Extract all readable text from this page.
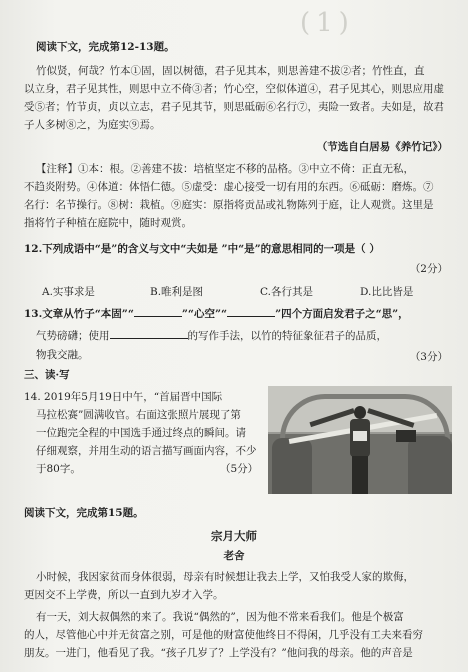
(1)
阅读下文，完成第12-13题。
竹似贤，何哉？竹本①固，固以树德，君子见其本，则思善建不拔②者；竹性直，直
以立身，君子见其性，则思中立不倚③者；竹心空，空似体道④，君子见其心，则思应用虚
受⑤者；竹节贞，贞以立志，君子见其节，则思砥砺⑥名行⑦，夷险一致者。夫如是，故君
子人多树⑧之，为庭实⑨焉。
（节选自白居易《养竹记》）
【注释】①本：根。②善建不拔：培植坚定不移的品格。③中立不倚：正直无私，
不趋炎附势。④体道：体悟仁德。⑤虚受：虚心接受一切有用的东西。⑥砥砺：磨炼。⑦
名行：名节操行。⑧树：栽植。⑨庭实：原指将贡品或礼物陈列于庭，让人观赏。这里是
指将竹子种植在庭院中，随时观赏。
12.下列成语中“是”的含义与文中“夫如是 ”中“是”的意思相同的一项是（ ）
（2分）
A.实事求是	B.唯利是图	C.各行其是	D.比比皆是
13.文章从竹子“本固”“	”“心空”“	”四个方面启发君子之“思”，
气势磅礴；使用	的写作手法，以竹的特征象征君子的品质，
物我交融。	（3分）
三、读·写
14. 2019年5月19日中午，“首届晋中国际
马拉松赛”圆满收官。右面这张照片展现了第
一位跑完全程的中国选手通过终点的瞬间。请
仔细观察，并用生动的语言描写画面内容，不少
于80字。	（5分）
阅读下文，完成第15题。
宗月大师
老舍
小时候，我因家贫而身体很弱，母亲有时候想让我去上学，又怕我受人家的欺侮，
更因交不上学费，所以一直到九岁才入学。
有一天，刘大叔偶然的来了。我说“偶然的”，因为他不常来看我们。他是个极富
的人，尽管他心中并无贫富之别，可是他的财富使他终日不得闲，几乎没有工夫来看穷
朋友。一进门，他看见了我。“孩子几岁了？上学没有？”他问我的母亲。他的声音是
